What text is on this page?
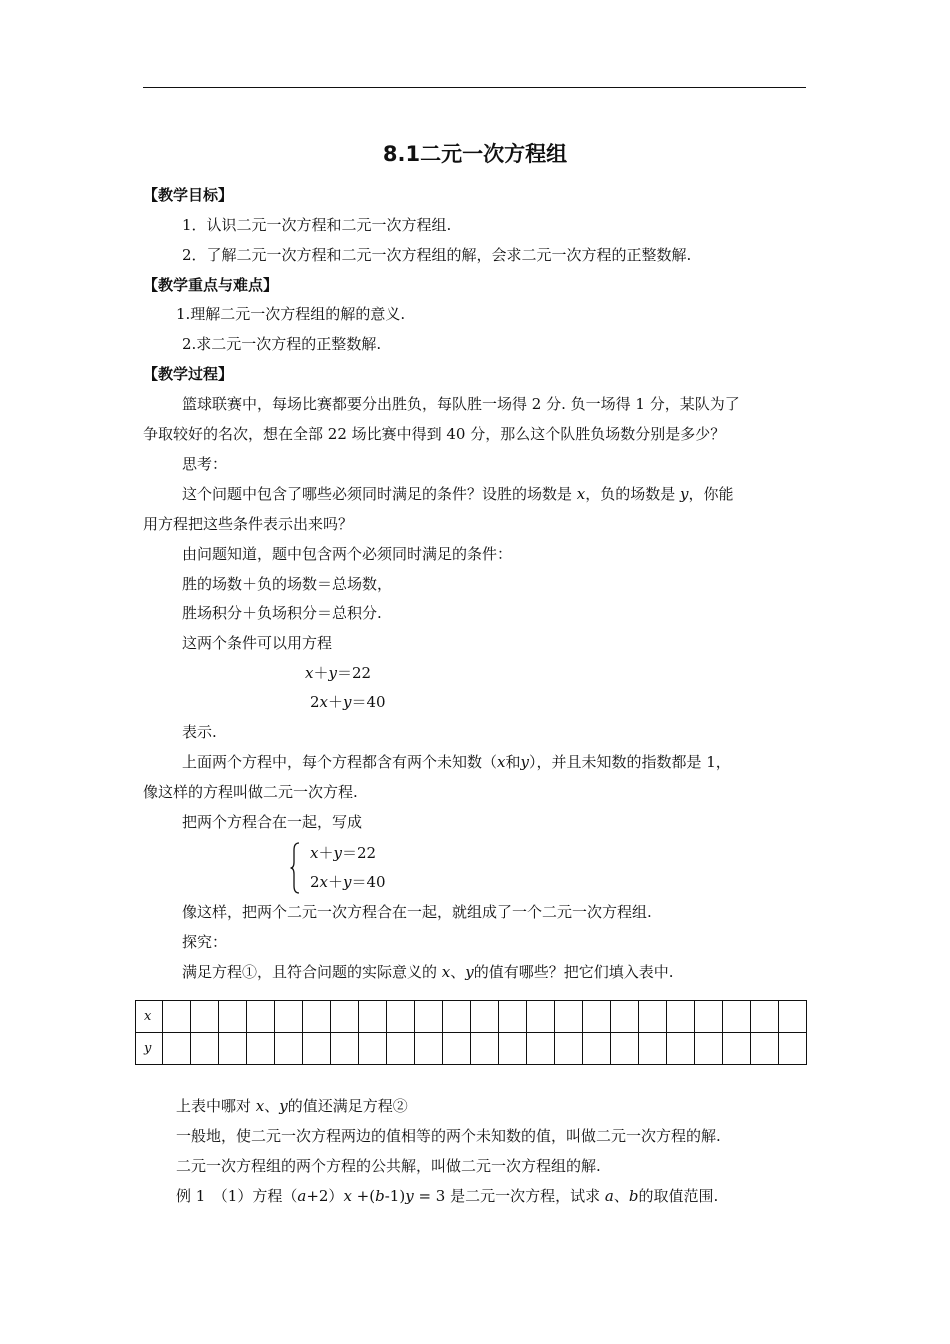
8.1二元一次方程组
【教学目标】
1．认识二元一次方程和二元一次方程组.
2．了解二元一次方程和二元一次方程组的解，会求二元一次方程的正整数解.
【教学重点与难点】
1.理解二元一次方程组的解的意义.
2.求二元一次方程的正整数解.
【教学过程】
篮球联赛中，每场比赛都要分出胜负，每队胜一场得 2 分. 负一场得 1 分，某队为了
争取较好的名次，想在全部 22 场比赛中得到 40 分，那么这个队胜负场数分别是多少？
思考：
这个问题中包含了哪些必须同时满足的条件？设胜的场数是 x，负的场数是 y，你能
用方程把这些条件表示出来吗？
由问题知道，题中包含两个必须同时满足的条件：
胜的场数＋负的场数＝总场数，
胜场积分＋负场积分＝总积分.
这两个条件可以用方程
x＋y＝22
2x＋y＝40
表示.
上面两个方程中，每个方程都含有两个未知数（x和y），并且未知数的指数都是 1，
像这样的方程叫做二元一次方程.
把两个方程合在一起，写成
x＋y＝22
2x＋y＝40
像这样，把两个二元一次方程合在一起，就组成了一个二元一次方程组.
探究：
满足方程①，且符合问题的实际意义的 x、y的值有哪些？把它们填入表中.
x																							
y																							
上表中哪对 x、y的值还满足方程②
一般地，使二元一次方程两边的值相等的两个未知数的值，叫做二元一次方程的解.
二元一次方程组的两个方程的公共解，叫做二元一次方程组的解.
例 1　（1）方程（a+2）x +(b-1)y = 3 是二元一次方程，试求 a、b的取值范围.
